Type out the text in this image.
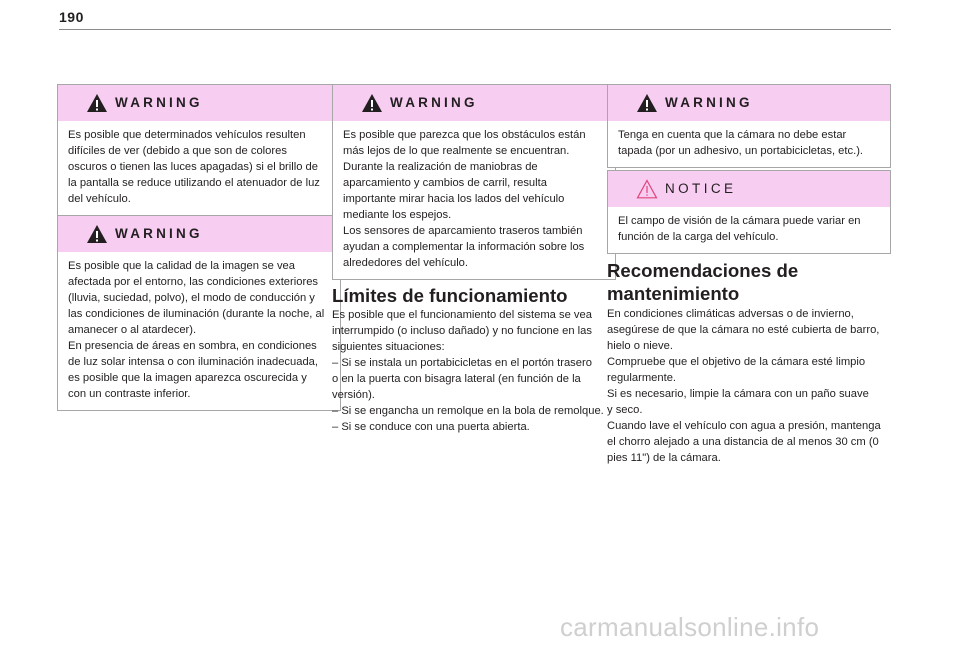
190
WARNING
Es posible que determinados vehículos resulten
difíciles de ver (debido a que son de colores
oscuros o tienen las luces apagadas) si el brillo de
la pantalla se reduce utilizando el atenuador de luz
del vehículo.
WARNING
Es posible que la calidad de la imagen se vea
afectada por el entorno, las condiciones exteriores
(lluvia, suciedad, polvo), el modo de conducción y
las condiciones de iluminación (durante la noche, al
amanecer o al atardecer).
En presencia de áreas en sombra, en condiciones
de luz solar intensa o con iluminación inadecuada,
es posible que la imagen aparezca oscurecida y
con un contraste inferior.
WARNING
Es posible que parezca que los obstáculos están
más lejos de lo que realmente se encuentran.
Durante la realización de maniobras de
aparcamiento y cambios de carril, resulta
importante mirar hacia los lados del vehículo
mediante los espejos.
Los sensores de aparcamiento traseros también
ayudan a complementar la información sobre los
alrededores del vehículo.
Límites de funcionamiento
Es posible que el funcionamiento del sistema se vea
interrumpido (o incluso dañado) y no funcione en las
siguientes situaciones:
– Si se instala un portabicicletas en el portón trasero
o en la puerta con bisagra lateral (en función de la
versión).
– Si se engancha un remolque en la bola de remolque.
– Si se conduce con una puerta abierta.
WARNING
Tenga en cuenta que la cámara no debe estar
tapada (por un adhesivo, un portabicicletas, etc.).
NOTICE
El campo de visión de la cámara puede variar en
función de la carga del vehículo.
Recomendaciones de
mantenimiento
En condiciones climáticas adversas o de invierno,
asegúrese de que la cámara no esté cubierta de barro,
hielo o nieve.
Compruebe que el objetivo de la cámara esté limpio
regularmente.
Si es necesario, limpie la cámara con un paño suave
y seco.
Cuando lave el vehículo con agua a presión, mantenga
el chorro alejado a una distancia de al menos 30 cm (0
pies 11") de la cámara.
carmanualsonline.info
